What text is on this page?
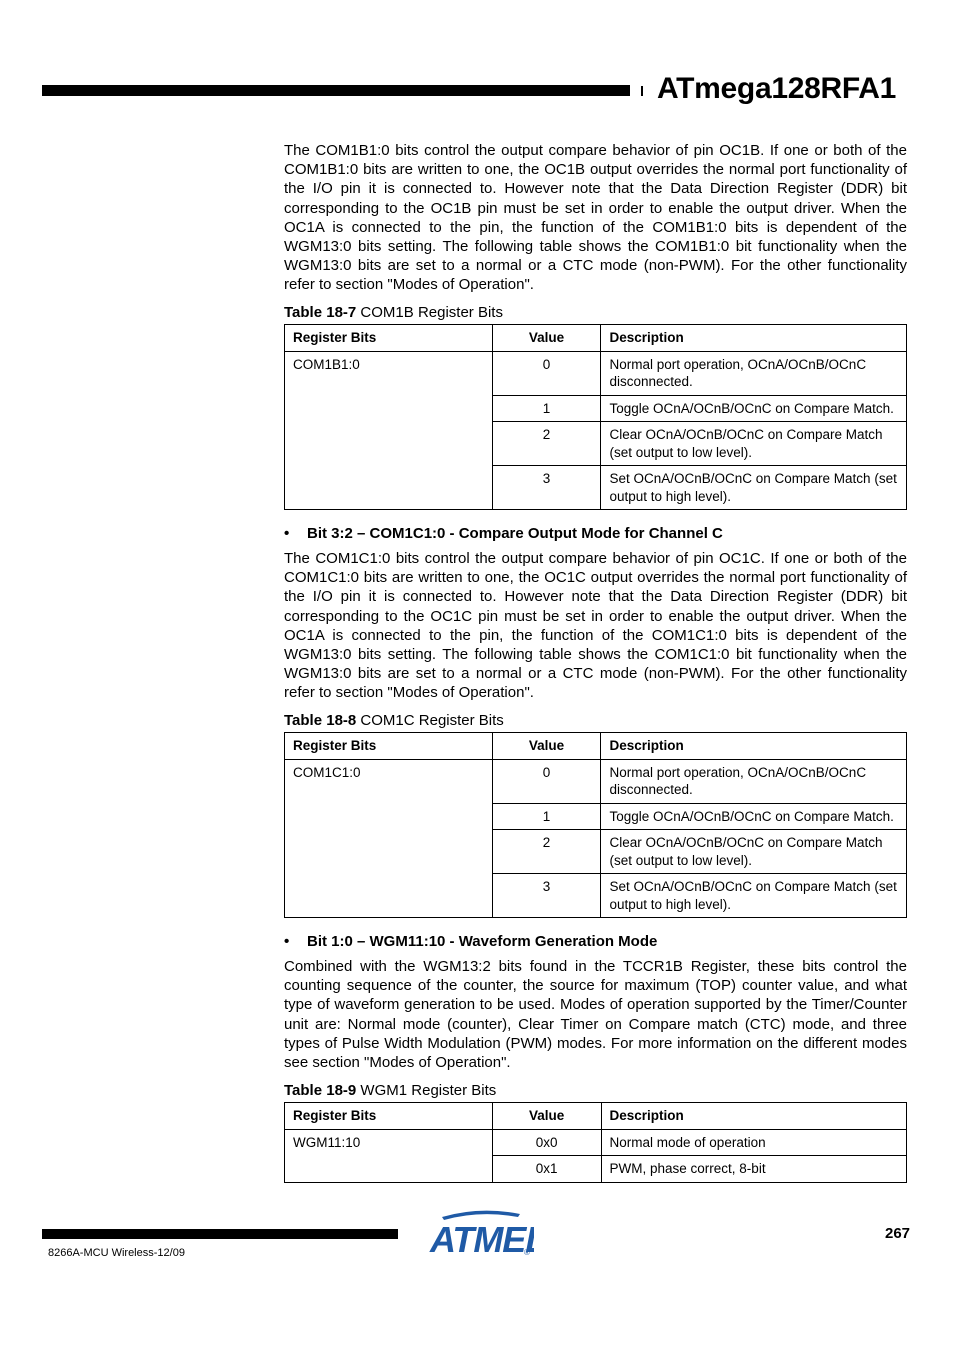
ATmega128RFA1

The COM1B1:0 bits control the output compare behavior of pin OC1B. If one or both of the COM1B1:0 bits are written to one, the OC1B output overrides the normal port functionality of the I/O pin it is connected to. However note that the Data Direction Register (DDR) bit corresponding to the OC1B pin must be set in order to enable the output driver. When the OC1A is connected to the pin, the function of the COM1B1:0 bits is dependent of the WGM13:0 bits setting. The following table shows the COM1B1:0 bit functionality when the WGM13:0 bits are set to a normal or a CTC mode (non-PWM). For the other functionality refer to section "Modes of Operation".

Table 18-7 COM1B Register Bits
Register Bits	Value	Description
COM1B1:0	0	Normal port operation, OCnA/OCnB/OCnC disconnected.
	1	Toggle OCnA/OCnB/OCnC on Compare Match.
	2	Clear OCnA/OCnB/OCnC on Compare Match (set output to low level).
	3	Set OCnA/OCnB/OCnC on Compare Match (set output to high level).
• Bit 3:2 – COM1C1:0 - Compare Output Mode for Channel C

The COM1C1:0 bits control the output compare behavior of pin OC1C. If one or both of the COM1C1:0 bits are written to one, the OC1C output overrides the normal port functionality of the I/O pin it is connected to. However note that the Data Direction Register (DDR) bit corresponding to the OC1C pin must be set in order to enable the output driver. When the OC1A is connected to the pin, the function of the COM1C1:0 bits is dependent of the WGM13:0 bits setting. The following table shows the COM1C1:0 bit functionality when the WGM13:0 bits are set to a normal or a CTC mode (non-PWM). For the other functionality refer to section "Modes of Operation".

Table 18-8 COM1C Register Bits
Register Bits	Value	Description
COM1C1:0	0	Normal port operation, OCnA/OCnB/OCnC disconnected.
	1	Toggle OCnA/OCnB/OCnC on Compare Match.
	2	Clear OCnA/OCnB/OCnC on Compare Match (set output to low level).
	3	Set OCnA/OCnB/OCnC on Compare Match (set output to high level).
• Bit 1:0 – WGM11:10 - Waveform Generation Mode

Combined with the WGM13:2 bits found in the TCCR1B Register, these bits control the counting sequence of the counter, the source for maximum (TOP) counter value, and what type of waveform generation to be used. Modes of operation supported by the Timer/Counter unit are: Normal mode (counter), Clear Timer on Compare match (CTC) mode, and three types of Pulse Width Modulation (PWM) modes. For more information on the different modes see section "Modes of Operation".

Table 18-9 WGM1 Register Bits
Register Bits	Value	Description
WGM11:10	0x0	Normal mode of operation
	0x1	PWM, phase correct, 8-bit
8266A-MCU Wireless-12/09
267
ATME
®
